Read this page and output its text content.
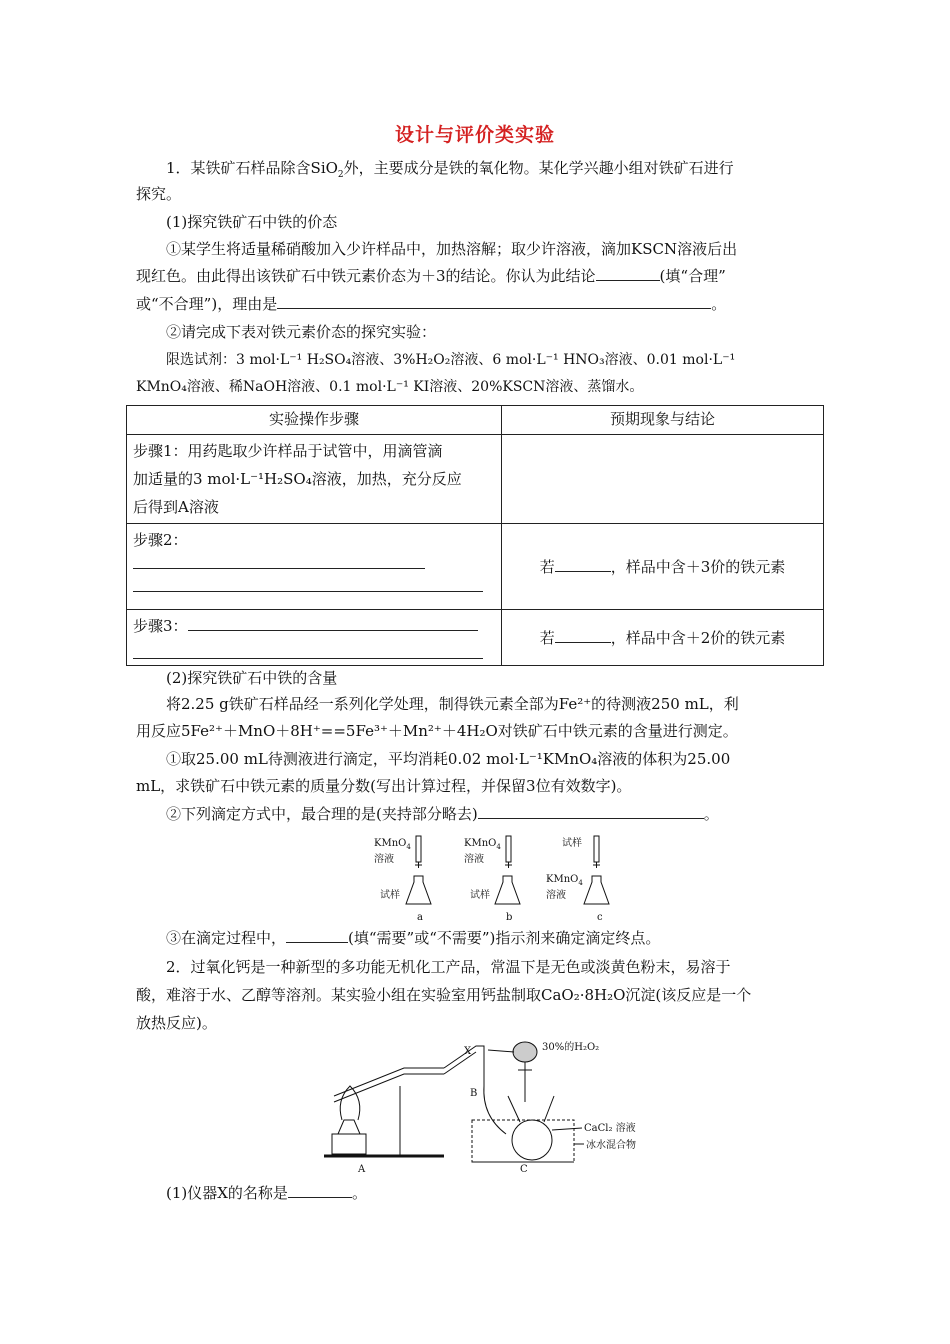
设计与评价类实验

1．某铁矿石样品除含SiO$_2$外，主要成分是铁的氧化物。某化学兴趣小组对铁矿石进行

探究。

(1)探究铁矿石中铁的价态

①某学生将适量稀硝酸加入少许样品中，加热溶解；取少许溶液，滴加KSCN溶液后出

现红色。由此得出该铁矿石中铁元素价态为＋3的结论。你认为此结论	(填“合理”

或“不合理”)，理由是	。

②请完成下表对铁元素价态的探究实验：

限选试剂：3 mol·L⁻¹ H₂SO₄溶液、3%H₂O₂溶液、6 mol·L⁻¹ HNO₃溶液、0.01 mol·L⁻¹

KMnO₄溶液、稀NaOH溶液、0.1 mol·L⁻¹ KI溶液、20%KSCN溶液、蒸馏水。

实验操作步骤	预期现象与结论

步骤1：用药匙取少许样品于试管中，用滴管滴
加适量的3 mol·L⁻¹H₂SO₄溶液，加热，充分反应
后得到A溶液	

步骤2：	若 ，样品中含＋3价的铁元素

步骤3：	若 ，样品中含＋2价的铁元素

(2)探究铁矿石中铁的含量

将2.25 g铁矿石样品经一系列化学处理，制得铁元素全部为Fe²⁺的待测液250 mL，利

用反应5Fe²⁺＋MnO＋8H⁺==5Fe³⁺＋Mn²⁺＋4H₂O对铁矿石中铁元素的含量进行测定。

①取25.00 mL待测液进行滴定，平均消耗0.02 mol·L⁻¹KMnO₄溶液的体积为25.00

mL，求铁矿石中铁元素的质量分数(写出计算过程，并保留3位有效数字)。

②下列滴定方式中，最合理的是(夹持部分略去)	。

KMnO$_4$
溶液
KMnO$_4$
溶液
试样
试样	试样
KMnO$_4$
溶液
a	b	c

③在滴定过程中，	(填“需要”或“不需要”)指示剂来确定滴定终点。

2．过氧化钙是一种新型的多功能无机化工产品，常温下是无色或淡黄色粉末，易溶于

酸，难溶于水、乙醇等溶剂。某实验小组在实验室用钙盐制取CaO₂·8H₂O沉淀(该反应是一个

放热反应)。

X	30%的H₂O₂
B
CaCl₂ 溶液
冰水混合物
A	C

(1)仪器X的名称是	。
